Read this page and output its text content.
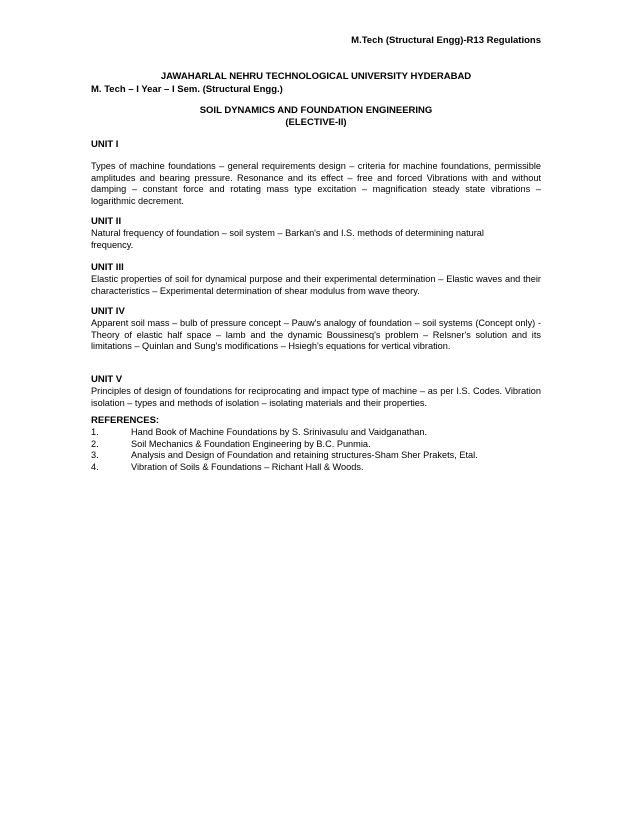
M.Tech (Structural Engg)-R13 Regulations
JAWAHARLAL NEHRU TECHNOLOGICAL UNIVERSITY HYDERABAD
M. Tech – I Year – I Sem. (Structural Engg.)
SOIL DYNAMICS AND FOUNDATION ENGINEERING
(ELECTIVE-II)

UNIT I

Types of machine foundations – general requirements design – criteria for machine foundations, permissible amplitudes and bearing pressure. Resonance and its effect – free and forced Vibrations with and without damping – constant force and rotating mass type excitation – magnification steady state vibrations – logarithmic decrement.

UNIT II

Natural frequency of foundation – soil system – Barkan's and I.S. methods of determining natural frequency.

UNIT III

Elastic properties of soil for dynamical purpose and their experimental determination – Elastic waves and their characteristics – Experimental determination of shear modulus from wave theory.

UNIT IV

Apparent soil mass – bulb of pressure concept – Pauw's analogy of foundation – soil systems (Concept only) - Theory of elastic half space – lamb and the dynamic Boussinesq's problem – Relsner's solution and its limitations – Quinlan and Sung's modifications – Hsiegh's equations for vertical vibration.

UNIT V

Principles of design of foundations for reciprocating and impact type of machine – as per I.S. Codes. Vibration isolation – types and methods of isolation – isolating materials and their properties.

REFERENCES:
1.	Hand Book of Machine Foundations by S. Srinivasulu and Vaidganathan.
2.	Soil Mechanics & Foundation Engineering by B.C. Punmia.
3.	Analysis and Design of Foundation and retaining structures-Sham Sher Prakets, Etal.
4.	Vibration of Soils & Foundations – Richant Hall & Woods.
